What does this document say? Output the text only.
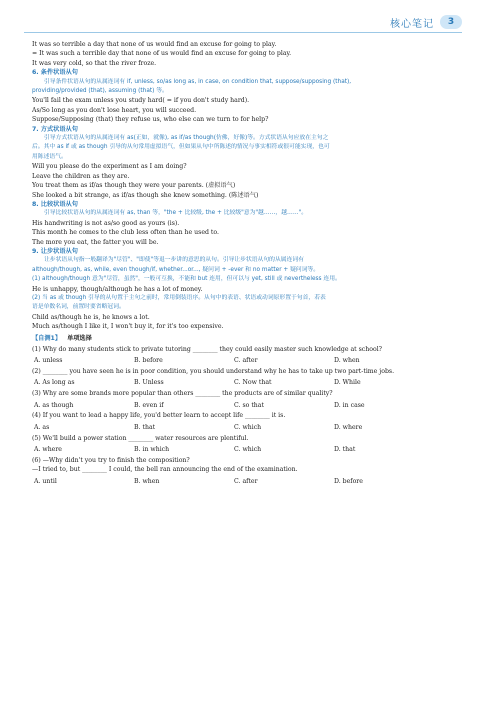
核心笔记	3
It was so terrible a day that none of us would find an excuse for going to play.
= It was such a terrible day that none of us would find an excuse for going to play.
It was very cold, so that the river froze.
6. 条件状语从句
引导条件状语从句的从属连词有 if, unless, so/as long as, in case, on condition that, suppose/supposing (that),
providing/provided (that), assuming (that) 等。
You'll fail the exam unless you study hard( = if you don't study hard).
As/So long as you don't lose heart, you will succeed.
Suppose/Supposing (that) they refuse us, who else can we turn to for help?
7. 方式状语从句
引导方式状语从句的从属连词有 as(正如，就像), as if/as though(仿佛，好像)等。方式状语从句应放在主句之
后。其中 as if 或 as though 引导的从句常用虚拟语气，但如果从句中所陈述的情况与事实相符或很可能实现，也可
用陈述语气。
Will you please do the experiment as I am doing?
Leave the children as they are.
You treat them as if/as though they were your parents. (虚拟语气)
She looked a bit strange, as if/as though she knew something. (陈述语气)
8. 比较状语从句
引导比较状语从句的从属连词有 as, than 等，"the + 比较级, the + 比较级"意为"越……，越……"。
His handwriting is not as/so good as yours (is).
This month he comes to the club less often than he used to.
The more you eat, the fatter you will be.
9. 让步状语从句
让步状语从句指一般翻译为"尽管"、"即使"等退一步讲的意思的从句。引导让步状语从句的从属连词有
although/though, as, while, even though/if, whether...or..., 疑问词 + -ever 和 no matter + 疑问词等。
(1) although/though 意为"尽管，虽然"，一般可互换，不能和 but 连用，但可以与 yet, still 或 nevertheless 连用。
He is unhappy, though/although he has a lot of money.
(2) 当 as 或 though 引导的从句置于主句之前时，常用倒装语序。从句中的表语、状语或动词原形置于句首，若表
语是单数名词，前置时要省略冠词。
Child as/though he is, he knows a lot.
Much as/though I like it, I won't buy it, for it's too expensive.
【自测1】 单项选择
(1) Why do many students stick to private tutoring ________ they could easily master such knowledge at school?
A. unless	B. before	C. after	D. when
(2) ________ you have seen he is in poor condition, you should understand why he has to take up two part-time jobs.
A. As long as	B. Unless	C. Now that	D. While
(3) Why are some brands more popular than others ________ the products are of similar quality?
A. as though	B. even if	C. so that	D. in case
(4) If you want to lead a happy life, you'd better learn to accept life ________ it is.
A. as	B. that	C. which	D. where
(5) We'll build a power station ________ water resources are plentiful.
A. where	B. in which	C. which	D. that
(6) —Why didn't you try to finish the composition?
—I tried to, but ________ I could, the bell ran announcing the end of the examination.
A. until	B. when	C. after	D. before
